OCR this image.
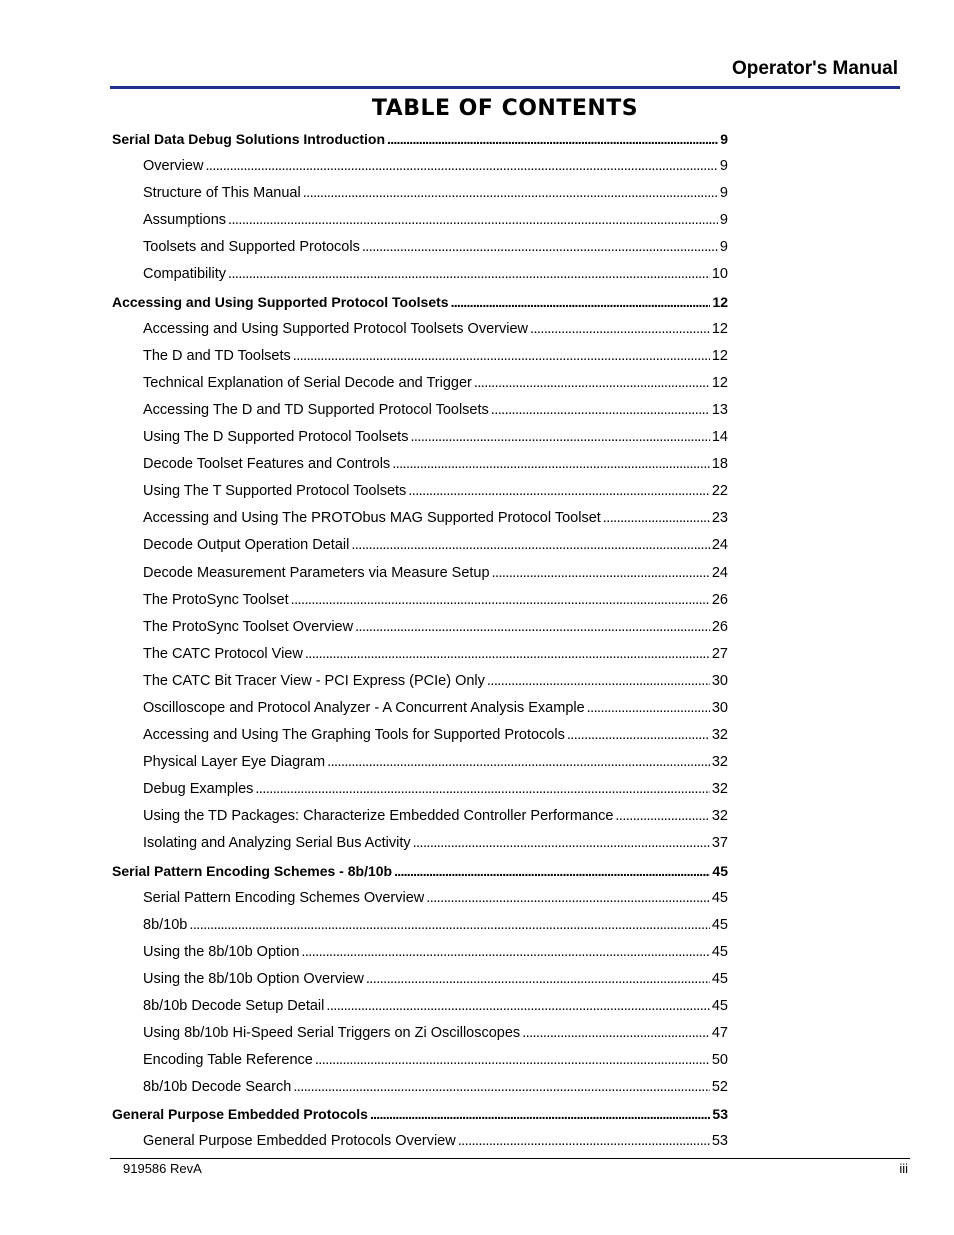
Operator's Manual
TABLE OF CONTENTS
Serial Data Debug Solutions Introduction . . .	9
Overview . . .	9
Structure of This Manual . . .	9
Assumptions . . .	9
Toolsets and Supported Protocols . . .	9
Compatibility . . .	10
Accessing and Using Supported Protocol Toolsets . . .	12
Accessing and Using Supported Protocol Toolsets Overview . . .	12
The D and TD Toolsets . . .	12
Technical Explanation of Serial Decode and Trigger . . .	12
Accessing The D and TD Supported Protocol Toolsets . . .	13
Using The D Supported Protocol Toolsets . . .	14
Decode Toolset Features and Controls . . .	18
Using The T Supported Protocol Toolsets . . .	22
Accessing and Using The PROTObus MAG Supported Protocol Toolset . . .	23
Decode Output Operation Detail . . .	24
Decode Measurement Parameters via Measure Setup . . .	24
The ProtoSync Toolset . . .	26
The ProtoSync Toolset Overview . . .	26
The CATC Protocol View . . .	27
The CATC Bit Tracer View - PCI Express (PCIe) Only . . .	30
Oscilloscope and Protocol Analyzer - A Concurrent Analysis Example . . .	30
Accessing and Using The Graphing Tools for Supported Protocols . . .	32
Physical Layer Eye Diagram . . .	32
Debug Examples . . .	32
Using the TD Packages: Characterize Embedded Controller Performance . . .	32
Isolating and Analyzing Serial Bus Activity . . .	37
Serial Pattern Encoding Schemes - 8b/10b . . .	45
Serial Pattern Encoding Schemes Overview . . .	45
8b/10b . . .	45
Using the 8b/10b Option . . .	45
Using the 8b/10b Option Overview . . .	45
8b/10b Decode Setup Detail . . .	45
Using 8b/10b Hi-Speed Serial Triggers on Zi Oscilloscopes . . .	47
Encoding Table Reference . . .	50
8b/10b Decode Search . . .	52
General Purpose Embedded Protocols . . .	53
General Purpose Embedded Protocols Overview . . .	53
919586 RevA	iii
